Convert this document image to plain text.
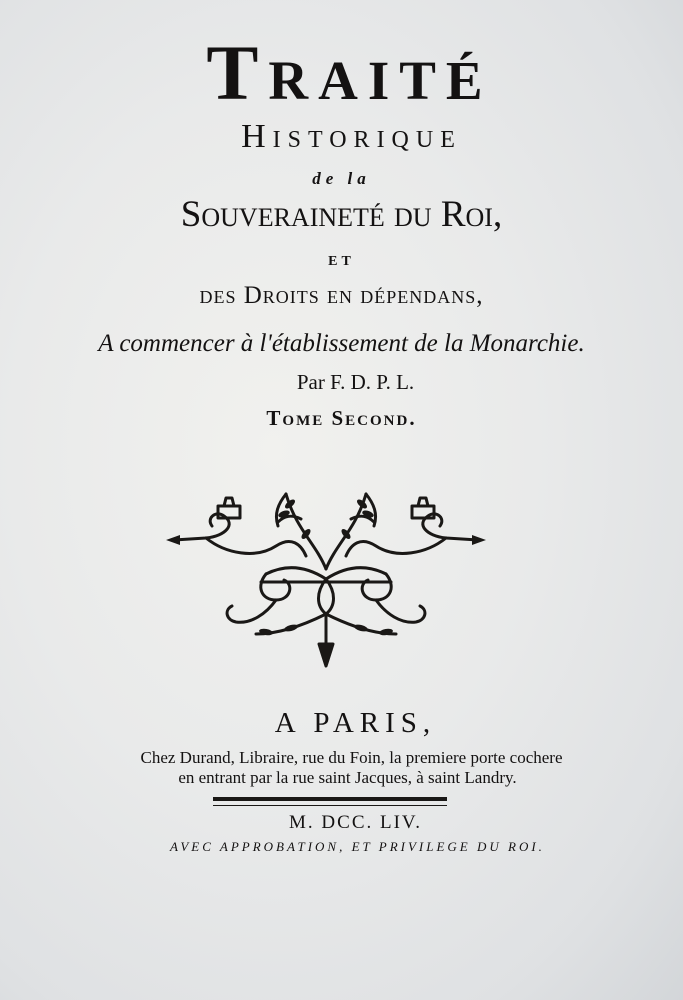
Traité
Historique
de la
Souveraineté du Roi,
ET
des Droits en dépendans,
A commencer à l'établissement de la Monarchie.
Par F. D. P. L.
Tome Second.
A PARIS,
Chez Durand, Libraire, rue du Foin, la premiere porte cochere
en entrant par la rue saint Jacques, à saint Landry.
M. DCC. LIV.
AVEC APPROBATION, ET PRIVILEGE DU ROI.
